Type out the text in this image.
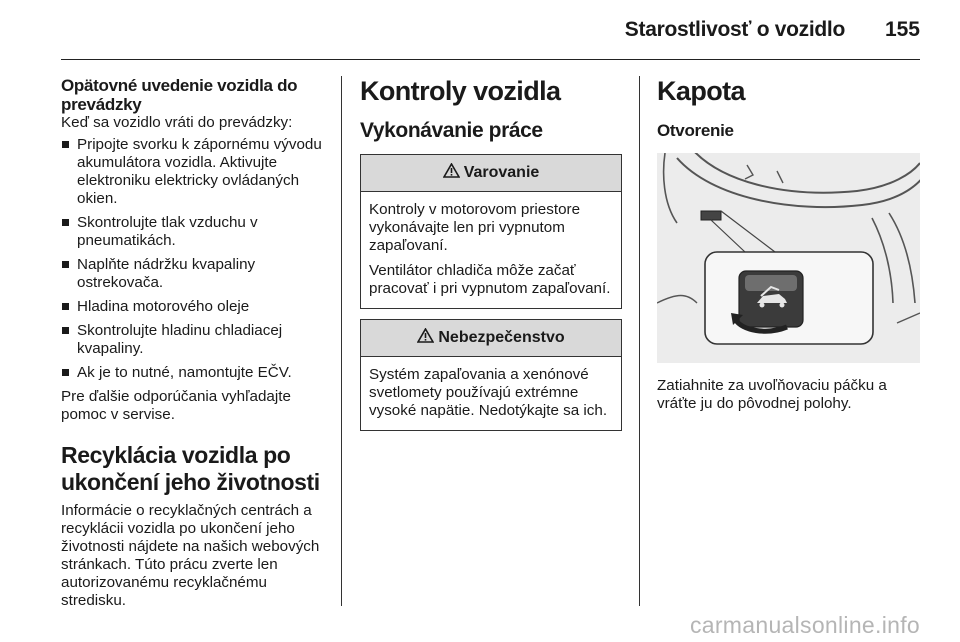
Starostlivosť o vozidlo 155
Opätovné uvedenie vozidla do prevádzky

Keď sa vozidlo vráti do prevádzky:

Pripojte svorku k zápornému vývodu akumulátora vozidla. Aktivujte elektroniku elektricky ovládaných okien.
Skontrolujte tlak vzduchu v pneumatikách.
Naplňte nádržku kvapaliny ostrekovača.
Hladina motorového oleje
Skontrolujte hladinu chladiacej kvapaliny.
Ak je to nutné, namontujte EČV.

Pre ďalšie odporúčania vyhľadajte pomoc v servise.

Recyklácia vozidla po ukončení jeho životnosti

Informácie o recyklačných centrách a recyklácii vozidla po ukončení jeho životnosti nájdete na našich webových stránkach. Túto prácu zverte len autorizovanému recyklačnému stredisku.

Kontroly vozidla
Vykonávanie práce
Varovanie

Kontroly v motorovom priestore vykonávajte len pri vypnutom zapaľovaní.

Ventilátor chladiča môže začať pracovať i pri vypnutom zapaľovaní.

Nebezpečenstvo

Systém zapaľovania a xenónové svetlomety používajú extrémne vysoké napätie. Nedotýkajte sa ich.

Kapota
Otvorenie

Zatiahnite za uvoľňovaciu páčku a vráťte ju do pôvodnej polohy.

carmanualsonline.info
